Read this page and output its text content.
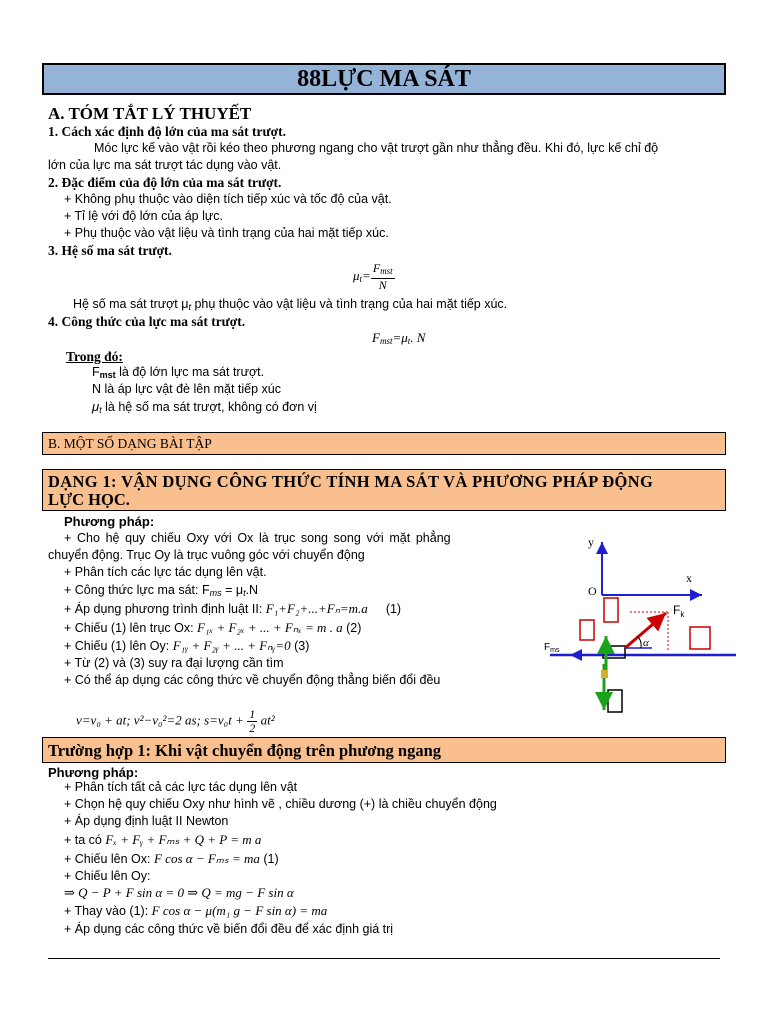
88LỰC MA SÁT
A. TÓM TẮT LÝ THUYẾT
1. Cách xác định độ lớn của ma sát trượt.
Móc lực kế vào vật rồi kéo theo phương ngang cho vật trượt gần như thẳng đều. Khi đó, lực kế chỉ độ
lớn của lực ma sát trượt tác dụng vào vật.
2. Đặc điểm của độ lớn của ma sát trượt.
+ Không phụ thuộc vào diện tích tiếp xúc và tốc độ của vật.
+ Tỉ lệ với độ lớn của áp lực.
+ Phụ thuộc vào vật liệu và tình trạng của hai mặt tiếp xúc.
3. Hệ số ma sát trượt.
$\mu_t= \frac{F_{mst}}{N}$
Hệ số ma sát trượt $\mu_t$ phụ thuộc vào vật liệu và tình trạng của hai mặt tiếp xúc.
4. Công thức của lực ma sát trượt.
$F_{mst}=\mu_t$. N
Trong đó:
$F_{mst}$ là độ lớn lực ma sát trượt.
N là áp lực vật đè lên mặt tiếp xúc
$\mu_t$ là hệ số ma sát trượt, không có đơn vị
B. MỘT SỐ DẠNG BÀI TẬP
DẠNG 1: VẬN DỤNG CÔNG THỨC TÍNH MA SÁT VÀ PHƯƠNG PHÁP ĐỘNG
LỰC HỌC.
Phương pháp:
+ Cho hệ quy chiếu Oxy với Ox là trục song song với mặt phẳng
chuyển động. Trục Oy là trục vuông góc với chuyển động
+ Phân tích các lực tác dụng lên vật.
+ Công thức lực ma sát: $F_{ms} = \mu_t.N$
+ Áp dụng phương trình định luật II: F₁+F₂+...+Fₙ=m.a (1)
+ Chiếu (1) lên trục Ox: F₁ₓ + F₂ₓ + ... + Fₙₓ = m . a (2)
+ Chiếu (1) lên Oy: F₁ᵧ + F₂ᵧ + ... + Fₙᵧ=0 (3)
+ Từ (2) và (3) suy ra đại lượng cần tìm
+ Có thể áp dụng các công thức về chuyển động thẳng biến đổi đều
v=v₀ + at; v²−v₀²=2 as; $s=v_0t + \frac{1}{2} at^2$
y
x
O
α
$F_k$
$F_{ms}$
Trường hợp 1: Khi vật chuyển động trên phương ngang
Phương pháp:
+ Phân tích tất cả các lực tác dụng lên vật
+ Chọn hệ quy chiếu Oxy như hình vẽ , chiều dương (+) là chiều chuyển động
+ Áp dụng định luật II Newton
+ ta có Fₓ + Fᵧ + Fₘₛ + Q + P = m a
+ Chiếu lên Ox: F cos α − Fₘₛ = ma (1)
+ Chiếu lên Oy:
⇒ Q − P + F sin α = 0 ⇒ Q = mg − F sin α
+ Thay vào (1): F cos α − μ(m₁ g − F sin α) = ma
+ Áp dụng các công thức về biến đổi đều để xác định giá trị
